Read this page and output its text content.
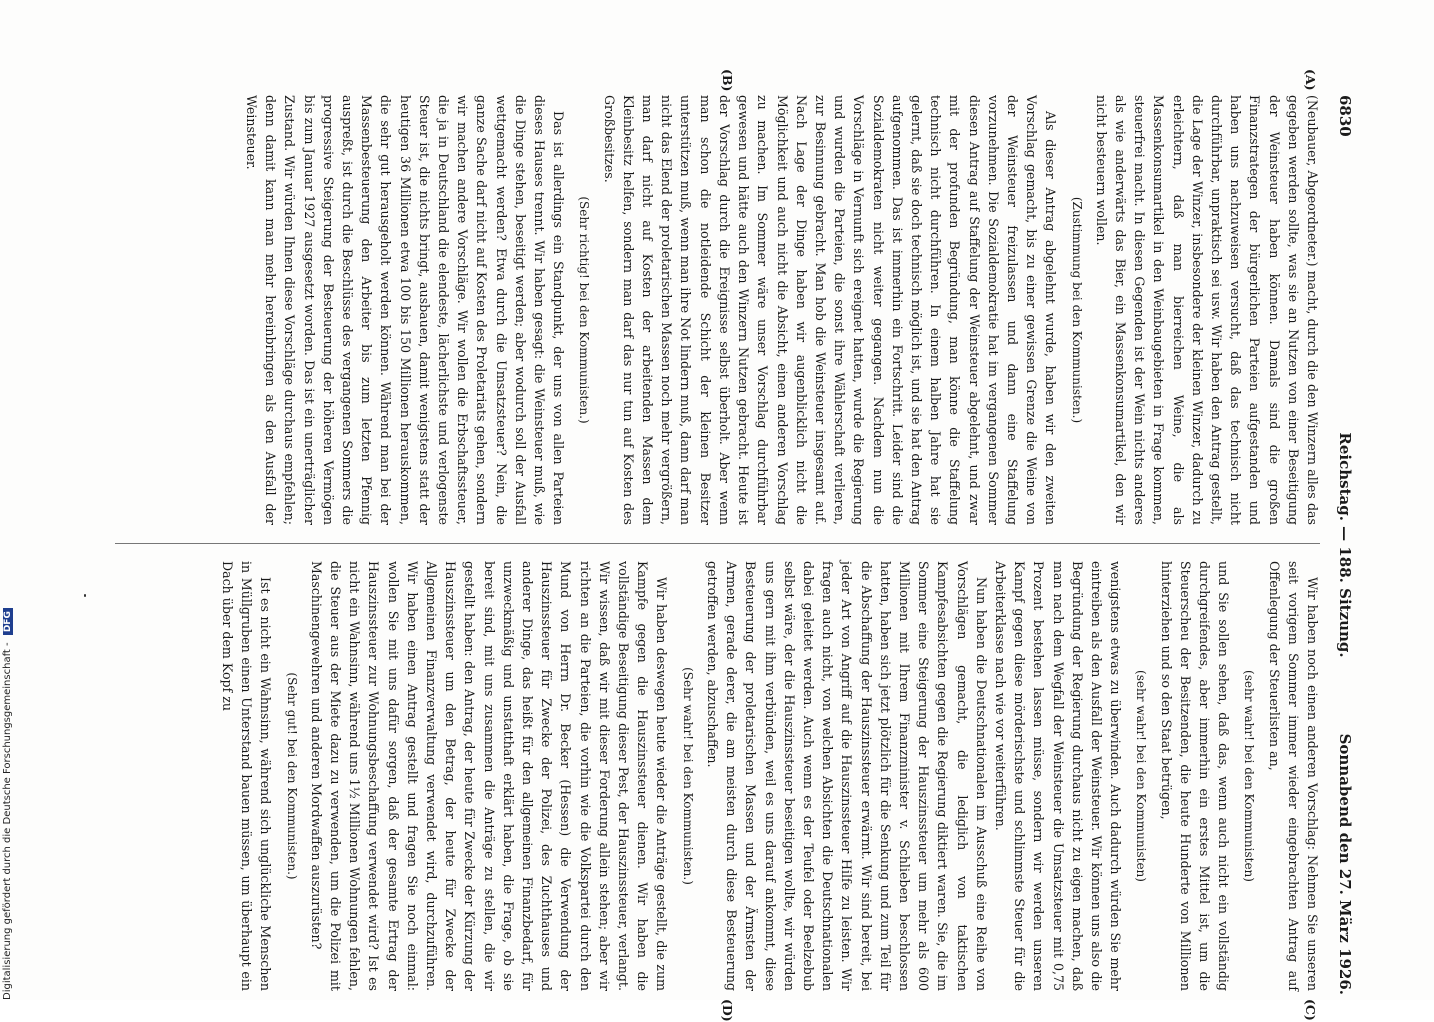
6830
Reichstag. — 188. Sitzung.
Sonnabend den 27. März 1926.
(A)
(B)
(C)
(D)

(Neubauer, Abgeordneter.) macht, durch die den Winzern alles das gegeben werden sollte, was sie an Nutzen von einer Beseitigung der Weinsteuer haben können. Damals sind die großen Finanzstrategen der bürgerlichen Parteien aufgestanden und haben uns nachzuweisen versucht, daß das technisch nicht durchführbar, unpraktisch sei usw. Wir haben den Antrag gestellt, die Lage der Winzer, insbesondere der kleinen Winzer, dadurch zu erleichtern, daß man bierreichen Weine, die als Massenkonsumartikel in den Weinbaugebieten in Frage kommen, steuerfrei macht. In diesen Gegenden ist der Wein nichts anderes als wie anderwärts das Bier, ein Massenkonsumartikel, den wir nicht besteuern wollen.

(Zustimmung bei den Kommunisten.)

Als dieser Antrag abgelehnt wurde, haben wir den zweiten Vorschlag gemacht, bis zu einer gewissen Grenze die Weine von der Weinsteuer freizulassen und dann eine Staffelung vorzunehmen. Die Sozialdemokratie hat im vergangenen Sommer diesen Antrag auf Staffelung der Weinsteuer abgelehnt, und zwar mit der profunden Begründung, man könne die Staffelung technisch nicht durchführen. In einem halben Jahre hat sie gelernt, daß sie doch technisch möglich ist, und sie hat den Antrag aufgenommen. Das ist immerhin ein Fortschritt. Leider sind die Sozialdemokraten nicht weiter gegangen. Nachdem nun die Vorschläge in Vernunft sich ereignet hatten, wurde die Regierung und wurden die Parteien, die sonst ihre Wählerschaft verlieren, zur Besinnung gebracht. Man hob die Weinsteuer insgesamt auf. Nach Lage der Dinge haben wir augenblicklich nicht die Möglichkeit und auch nicht die Absicht, einen anderen Vorschlag zu machen. Im Sommer wäre unser Vorschlag durchführbar gewesen und hätte auch den Winzern Nutzen gebracht. Heute ist der Vorschlag durch die Ereignisse selbst überholt. Aber wenn man schon die notleidende Schicht der kleinen Besitzer unterstützen muß, wenn man ihre Not lindern muß, dann darf man nicht das Elend der proletarischen Massen noch mehr vergrößern, man darf nicht auf Kosten der arbeitenden Massen dem Kleinbesitz helfen, sondern man darf das nur tun auf Kosten des Großbesitzes.

(Sehr richtig! bei den Kommunisten.)

Das ist allerdings ein Standpunkt, der uns von allen Parteien dieses Hauses trennt. Wir haben gesagt: die Weinsteuer muß, wie die Dinge stehen, beseitigt werden; aber wodurch soll der Ausfall wettgemacht werden? Etwa durch die Umsatzsteuer? Nein, die ganze Sache darf nicht auf Kosten des Proletariats gehen, sondern wir machen andere Vorschläge. Wir wollen die Erbschaftssteuer, die ja in Deutschland die elendeste, lächerlichste und verlogenste Steuer ist, die nichts bringt, ausbauen, damit wenigstens statt der heutigen 36 Millionen etwa 100 bis 150 Millionen herauskommen, die sehr gut herausgeholt werden können. Während man bei der Massenbesteuerung den Arbeiter bis zum letzten Pfennig auspreßt, ist durch die Beschlüsse des vergangenen Sommers die progressive Steigerung der Besteuerung der höheren Vermögen bis zum Januar 1927 ausgesetzt worden. Das ist ein unerträglicher Zustand. Wir würden Ihnen diese Vorschläge durchaus empfehlen; denn damit kann man mehr hereinbringen als den Ausfall der Weinsteuer.

Wir haben noch einen anderen Vorschlag: Nehmen Sie unseren seit vorigem Sommer immer wieder eingebrachten Antrag auf Offenlegung der Steuerlisten an,

(sehr wahr! bei den Kommunisten)

und Sie sollen sehen, daß das, wenn auch nicht ein vollständig durchgreifendes, aber immerhin ein erstes Mittel ist, um die Steuerscheu der Besitzenden, die heute Hunderte von Millionen hinterziehen und so den Staat betrügen,

(sehr wahr! bei den Kommunisten)

wenigstens etwas zu überwinden. Auch dadurch würden Sie mehr eintreiben als den Ausfall der Weinsteuer. Wir können uns also die Begründung der Regierung durchaus nicht zu eigen machen, daß man nach dem Wegfall der Weinsteuer die Umsatzsteuer mit 0,75 Prozent bestehen lassen müsse, sondern wir werden unseren Kampf gegen diese mörderischste und schlimmste Steuer für die Arbeiterklasse nach wie vor weiterführen.

Nun haben die Deutschnationalen im Ausschuß eine Reihe von Vorschlägen gemacht, die lediglich von taktischen Kampfesabsichten gegen die Regierung diktiert waren. Sie, die im Sommer eine Steigerung der Hauszinssteuer um mehr als 600 Millionen mit Ihrem Finanzminister v. Schlieben beschlossen hatten, haben sich jetzt plötzlich für die Senkung und zum Teil für die Abschaffung der Hauszinssteuer erwärmt. Wir sind bereit, bei jeder Art von Angriff auf die Hauszinssteuer Hilfe zu leisten. Wir fragen auch nicht, von welchen Absichten die Deutschnationalen dabei geleitet werden. Auch wenn es der Teufel oder Beelzebub selbst wäre, der die Hauszinssteuer beseitigen wollte, wir würden uns gern mit ihm verbünden, weil es uns darauf ankommt, diese Besteuerung der proletarischen Massen und der Ärmsten der Armen, gerade derer, die am meisten durch diese Besteuerung getroffen werden, abzuschaffen.

(Sehr wahr! bei den Kommunisten.)

Wir haben deswegen heute wieder die Anträge gestellt, die zum Kampfe gegen die Hauszinssteuer dienen. Wir haben die vollständige Beseitigung dieser Pest, der Hauszinssteuer, verlangt. Wir wissen, daß wir mit dieser Forderung allein stehen; aber wir richten an die Parteien, die vorhin wie die Volkspartei durch den Mund von Herrn Dr. Becker (Hessen) die Verwendung der Hauszinssteuer für Zwecke der Polizei, des Zuchthauses und anderer Dinge, das heißt für den allgemeinen Finanzbedarf, für unzweckmäßig und unstatthaft erklärt haben, die Frage, ob sie bereit sind, mit uns zusammen die Anträge zu stellen, die wir gestellt haben: den Antrag, der heute für Zwecke der Kürzung der Hauszinssteuer um den Betrag, der heute für Zwecke der Allgemeinen Finanzverwaltung verwendet wird, durchzuführen. Wir haben einen Antrag gestellt und fragen Sie noch einmal: wollen Sie mit uns dafür sorgen, daß der gesamte Ertrag der Hauszinssteuer zur Wohnungsbeschaffung verwendet wird? Ist es nicht ein Wahnsinn, während uns 1½ Millionen Wohnungen fehlen, die Steuer aus der Miete dazu zu verwenden, um die Polizei mit Maschinengewehren und anderen Mordwaffen auszurüsten?

(Sehr gut! bei den Kommunisten.)

Ist es nicht ein Wahnsinn, während sich unglückliche Menschen in Müllgruben einen Unterstand bauen müssen, um überhaupt ein Dach über dem Kopf zu

Digitalisierung gefördert durch die Deutsche Forschungsgemeinschaft - DFG
